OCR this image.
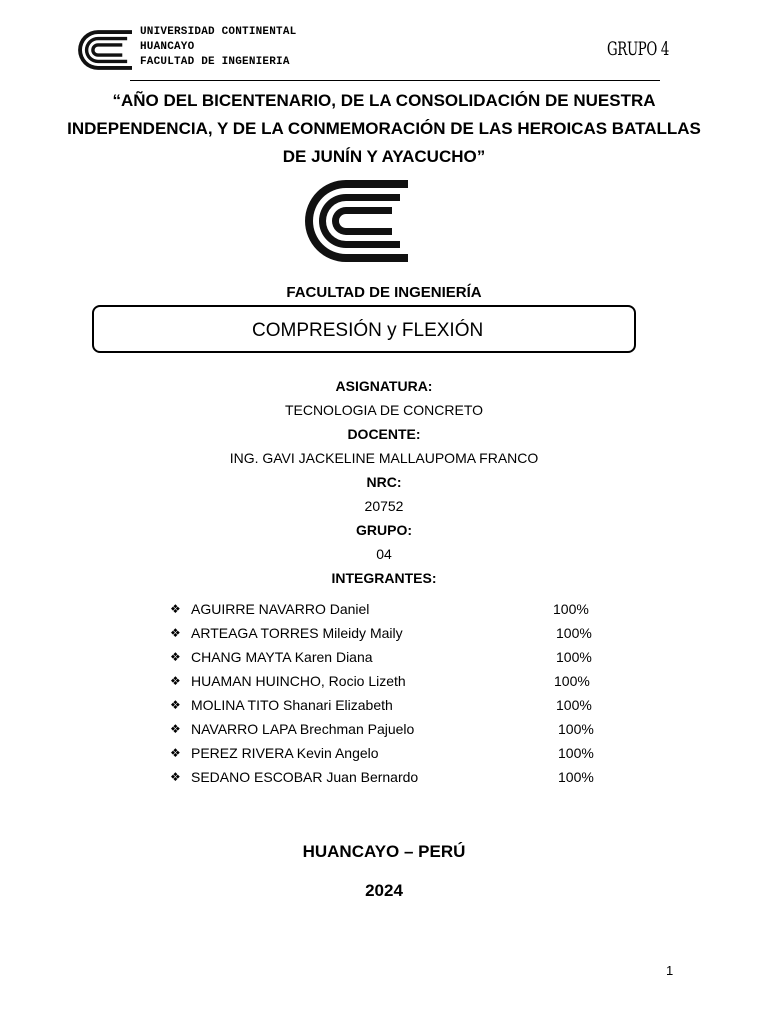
UNIVERSIDAD CONTINENTAL
HUANCAYO
FACULTAD DE INGENIERIA
GRUPO 4
“AÑO DEL BICENTENARIO, DE LA CONSOLIDACIÓN DE NUESTRA INDEPENDENCIA, Y DE LA CONMEMORACIÓN DE LAS HEROICAS BATALLAS DE JUNÍN Y AYACUCHO”
FACULTAD DE INGENIERÍA
COMPRESIÓN y FLEXIÓN
ASIGNATURA:
TECNOLOGIA DE CONCRETO
DOCENTE:
ING. GAVI JACKELINE MALLAUPOMA FRANCO
NRC:
20752
GRUPO:
04
INTEGRANTES:
❖ AGUIRRE NAVARRO Daniel	100%
❖ ARTEAGA TORRES Mileidy Maily	100%
❖ CHANG MAYTA Karen Diana	100%
❖ HUAMAN HUINCHO, Rocio Lizeth	100%
❖ MOLINA TITO Shanari Elizabeth	100%
❖ NAVARRO LAPA Brechman Pajuelo	100%
❖ PEREZ RIVERA Kevin Angelo	100%
❖ SEDANO ESCOBAR Juan Bernardo	100%
HUANCAYO – PERÚ
2024
1
